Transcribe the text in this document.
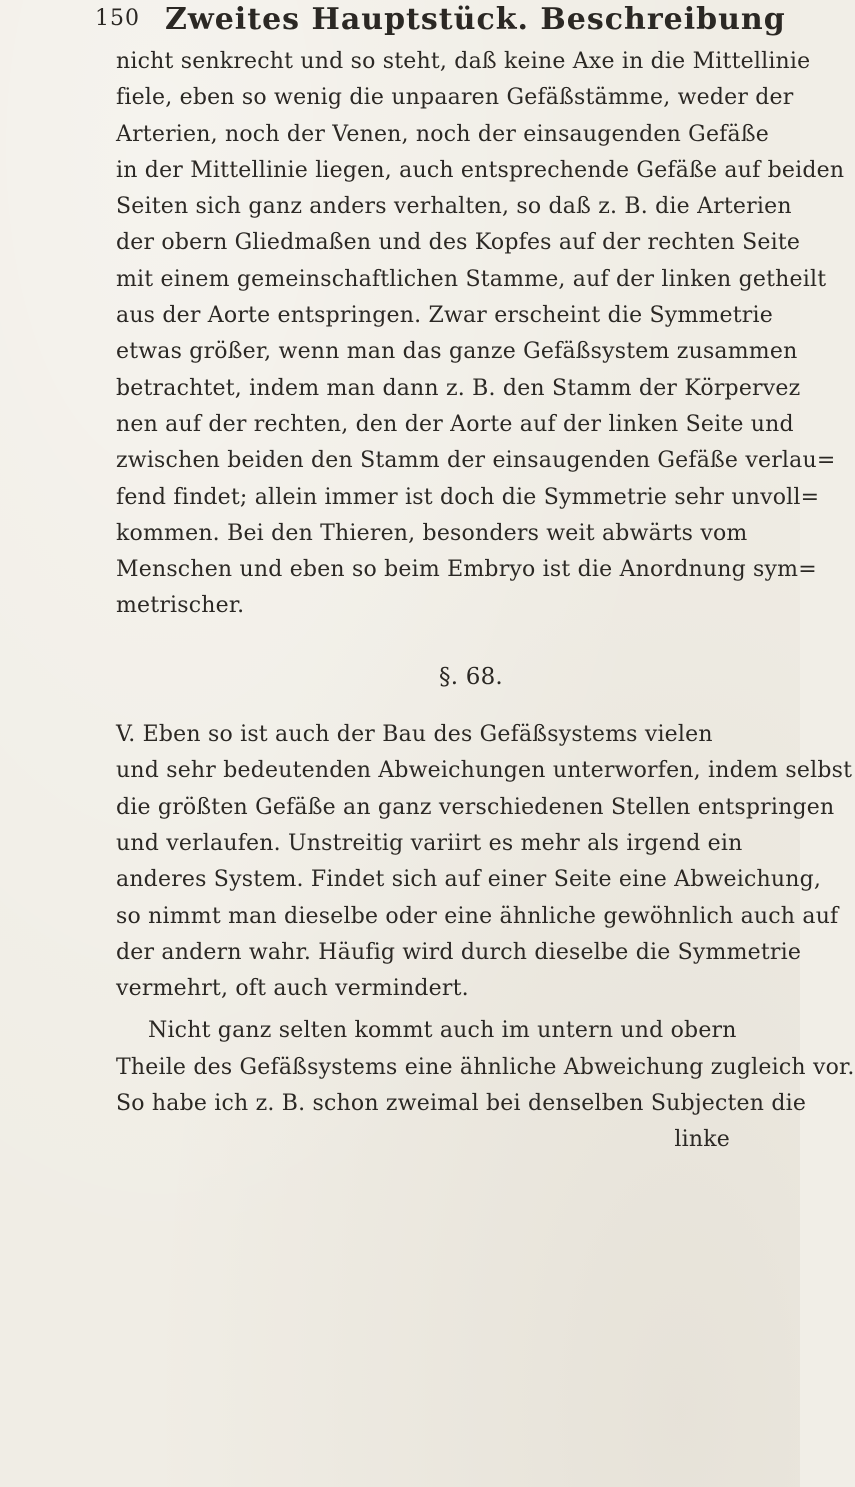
150 Zweites Hauptstück. Beschreibung
nicht senkrecht und so steht, daß keine Axe in die Mittellinie
fiele, eben so wenig die unpaaren Gefäßstämme, weder der
Arterien, noch der Venen, noch der einsaugenden Gefäße
in der Mittellinie liegen, auch entsprechende Gefäße auf beiden
Seiten sich ganz anders verhalten, so daß z. B. die Arterien
der obern Gliedmaßen und des Kopfes auf der rechten Seite
mit einem gemeinschaftlichen Stamme, auf der linken getheilt
aus der Aorte entspringen. Zwar erscheint die Symmetrie
etwas größer, wenn man das ganze Gefäßsystem zusammen
betrachtet, indem man dann z. B. den Stamm der Körpervez
nen auf der rechten, den der Aorte auf der linken Seite und
zwischen beiden den Stamm der einsaugenden Gefäße verlau=
fend findet; allein immer ist doch die Symmetrie sehr unvoll=
kommen. Bei den Thieren, besonders weit abwärts vom
Menschen und eben so beim Embryo ist die Anordnung sym=
metrischer.
§. 68.
V. Eben so ist auch der Bau des Gefäßsystems vielen
und sehr bedeutenden Abweichungen unterworfen, indem selbst
die größten Gefäße an ganz verschiedenen Stellen entspringen
und verlaufen. Unstreitig variirt es mehr als irgend ein
anderes System. Findet sich auf einer Seite eine Abweichung,
so nimmt man dieselbe oder eine ähnliche gewöhnlich auch auf
der andern wahr. Häufig wird durch dieselbe die Symmetrie
vermehrt, oft auch vermindert.
Nicht ganz selten kommt auch im untern und obern
Theile des Gefäßsystems eine ähnliche Abweichung zugleich vor.
So habe ich z. B. schon zweimal bei denselben Subjecten die
linke
